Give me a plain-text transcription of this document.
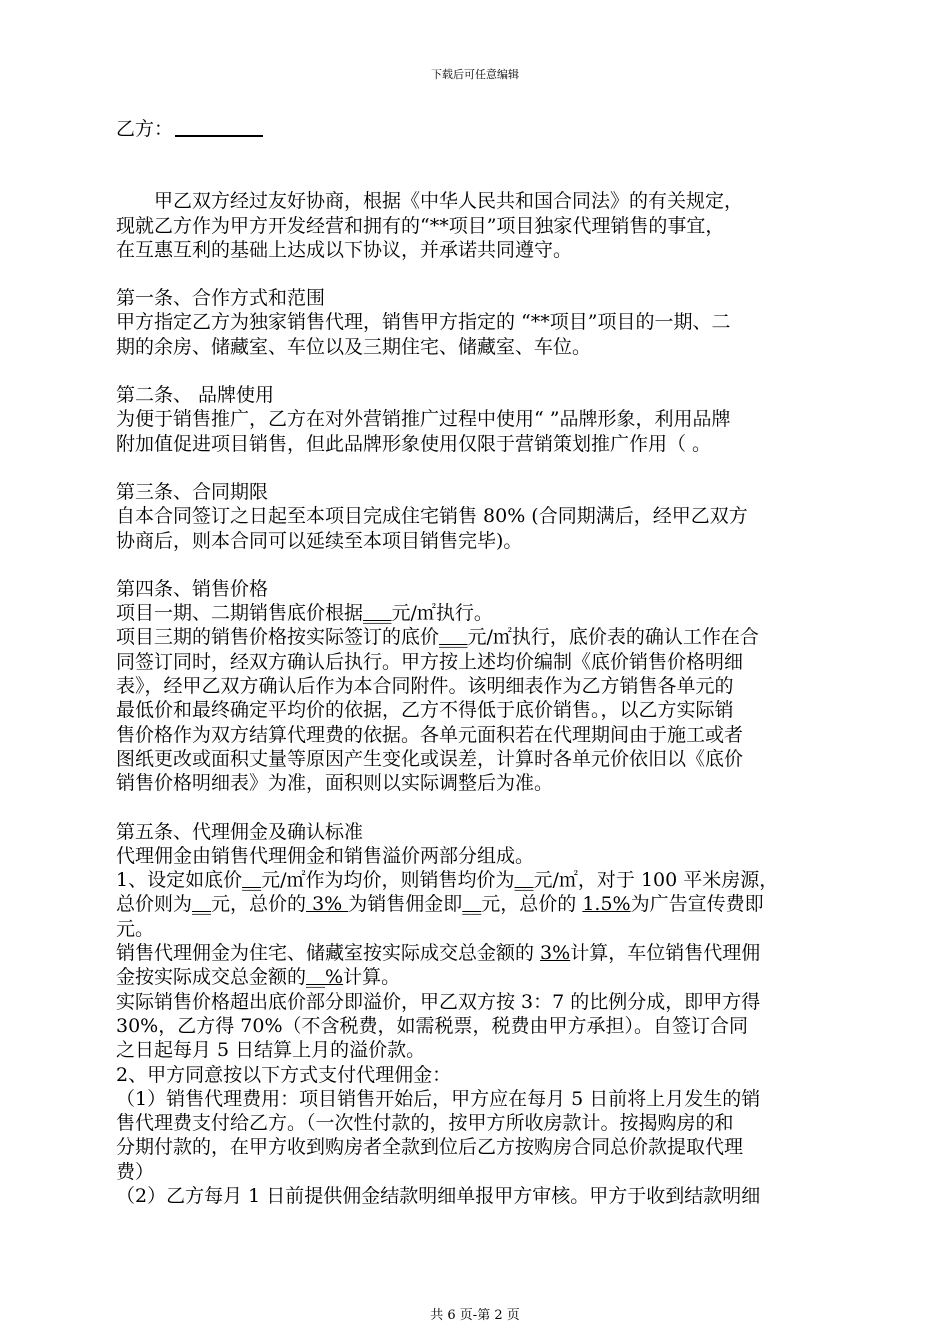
下载后可任意编辑

乙方：

甲乙双方经过友好协商，根据《中华人民共和国合同法》的有关规定，

现就乙方作为甲方开发经营和拥有的“**项目”项目独家代理销售的事宜，

在互惠互利的基础上达成以下协议，并承诺共同遵守。

第一条、合作方式和范围

甲方指定乙方为独家销售代理，销售甲方指定的 “**项目”项目的一期、二

期的余房、储藏室、车位以及三期住宅、储藏室、车位。

第二条、 品牌使用

为便于销售推广，乙方在对外营销推广过程中使用“ ”品牌形象，利用品牌

附加值促进项目销售，但此品牌形象使用仅限于营销策划推广作用（ 。

第三条、合同期限

自本合同签订之日起至本项目完成住宅销售 80% (合同期满后，经甲乙双方

协商后，则本合同可以延续至本项目销售完毕)。

第四条、销售价格

项目一期、二期销售底价根据___元/㎡执行。

项目三期的销售价格按实际签订的底价___元/㎡执行，底价表的确认工作在合

同签订同时，经双方确认后执行。甲方按上述均价编制《底价销售价格明细

表》，经甲乙双方确认后作为本合同附件。该明细表作为乙方销售各单元的

最低价和最终确定平均价的依据，乙方不得低于底价销售。，以乙方实际销

售价格作为双方结算代理费的依据。各单元面积若在代理期间由于施工或者

图纸更改或面积丈量等原因产生变化或误差，计算时各单元价依旧以《底价

销售价格明细表》为准，面积则以实际调整后为准。

第五条、代理佣金及确认标准

代理佣金由销售代理佣金和销售溢价两部分组成。

1、设定如底价__元/㎡作为均价，则销售均价为__元/㎡，对于 100 平米房源，

总价则为__元，总价的 3% 为销售佣金即__元，总价的 1.5%为广告宣传费即

元。

销售代理佣金为住宅、储藏室按实际成交总金额的 3%计算，车位销售代理佣

金按实际成交总金额的__%计算。

实际销售价格超出底价部分即溢价，甲乙双方按 3：7 的比例分成，即甲方得

30%，乙方得 70%（不含税费，如需税票，税费由甲方承担）。自签订合同

之日起每月 5 日结算上月的溢价款。

2、甲方同意按以下方式支付代理佣金：

（1）销售代理费用：项目销售开始后，甲方应在每月 5 日前将上月发生的销

售代理费支付给乙方。（一次性付款的，按甲方所收房款计。按揭购房的和

分期付款的，在甲方收到购房者全款到位后乙方按购房合同总价款提取代理

费）

（2）乙方每月 1 日前提供佣金结款明细单报甲方审核。甲方于收到结款明细

共 6 页-第 2 页
